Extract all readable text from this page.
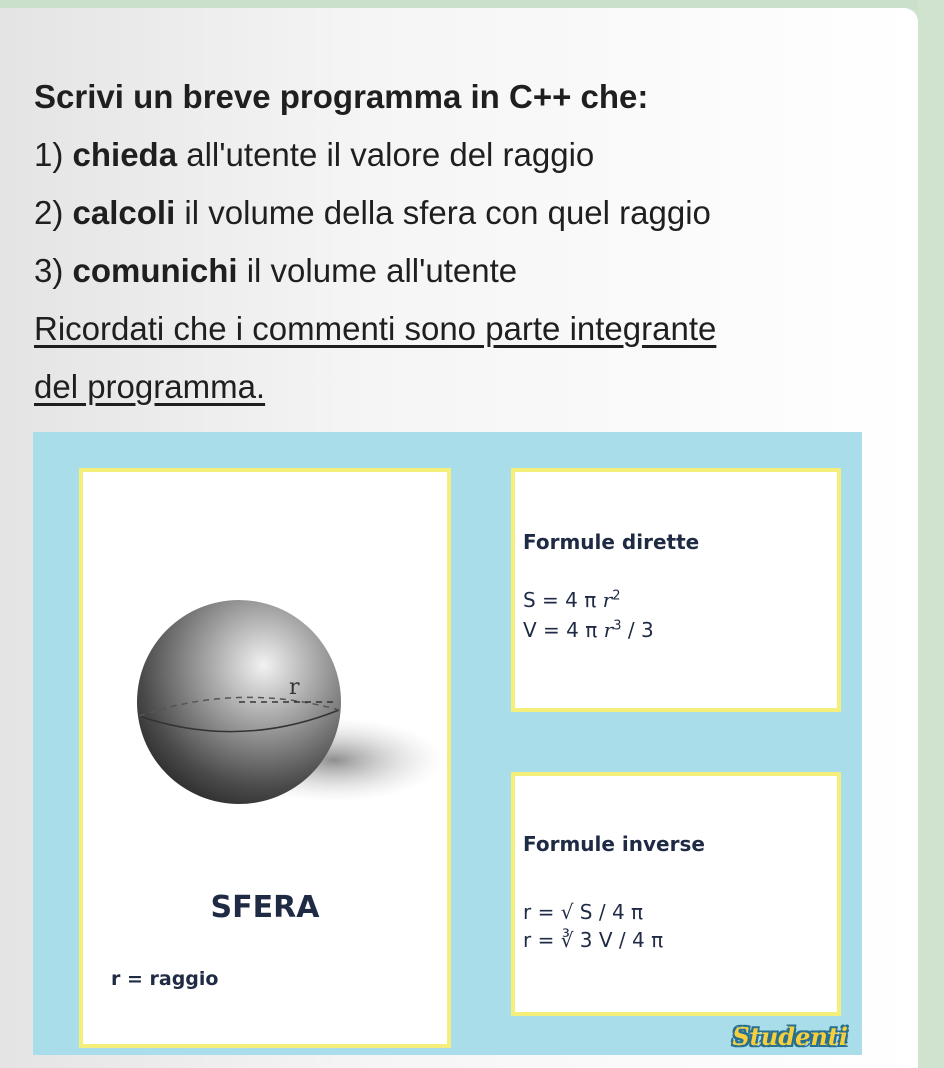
Scrivi un breve programma in C++ che:
1) chieda all'utente il valore del raggio
2) calcoli il volume della sfera con quel raggio
3) comunichi il volume all'utente
Ricordati che i commenti sono parte integrante
del programma.
r
SFERA
r = raggio
Formule dirette
S = 4 π $r^2$
V = 4 π $r^3 / 3$
Formule inverse
r = √ S / 4 π
r = ∛ 3 V / 4 π
Studenti
